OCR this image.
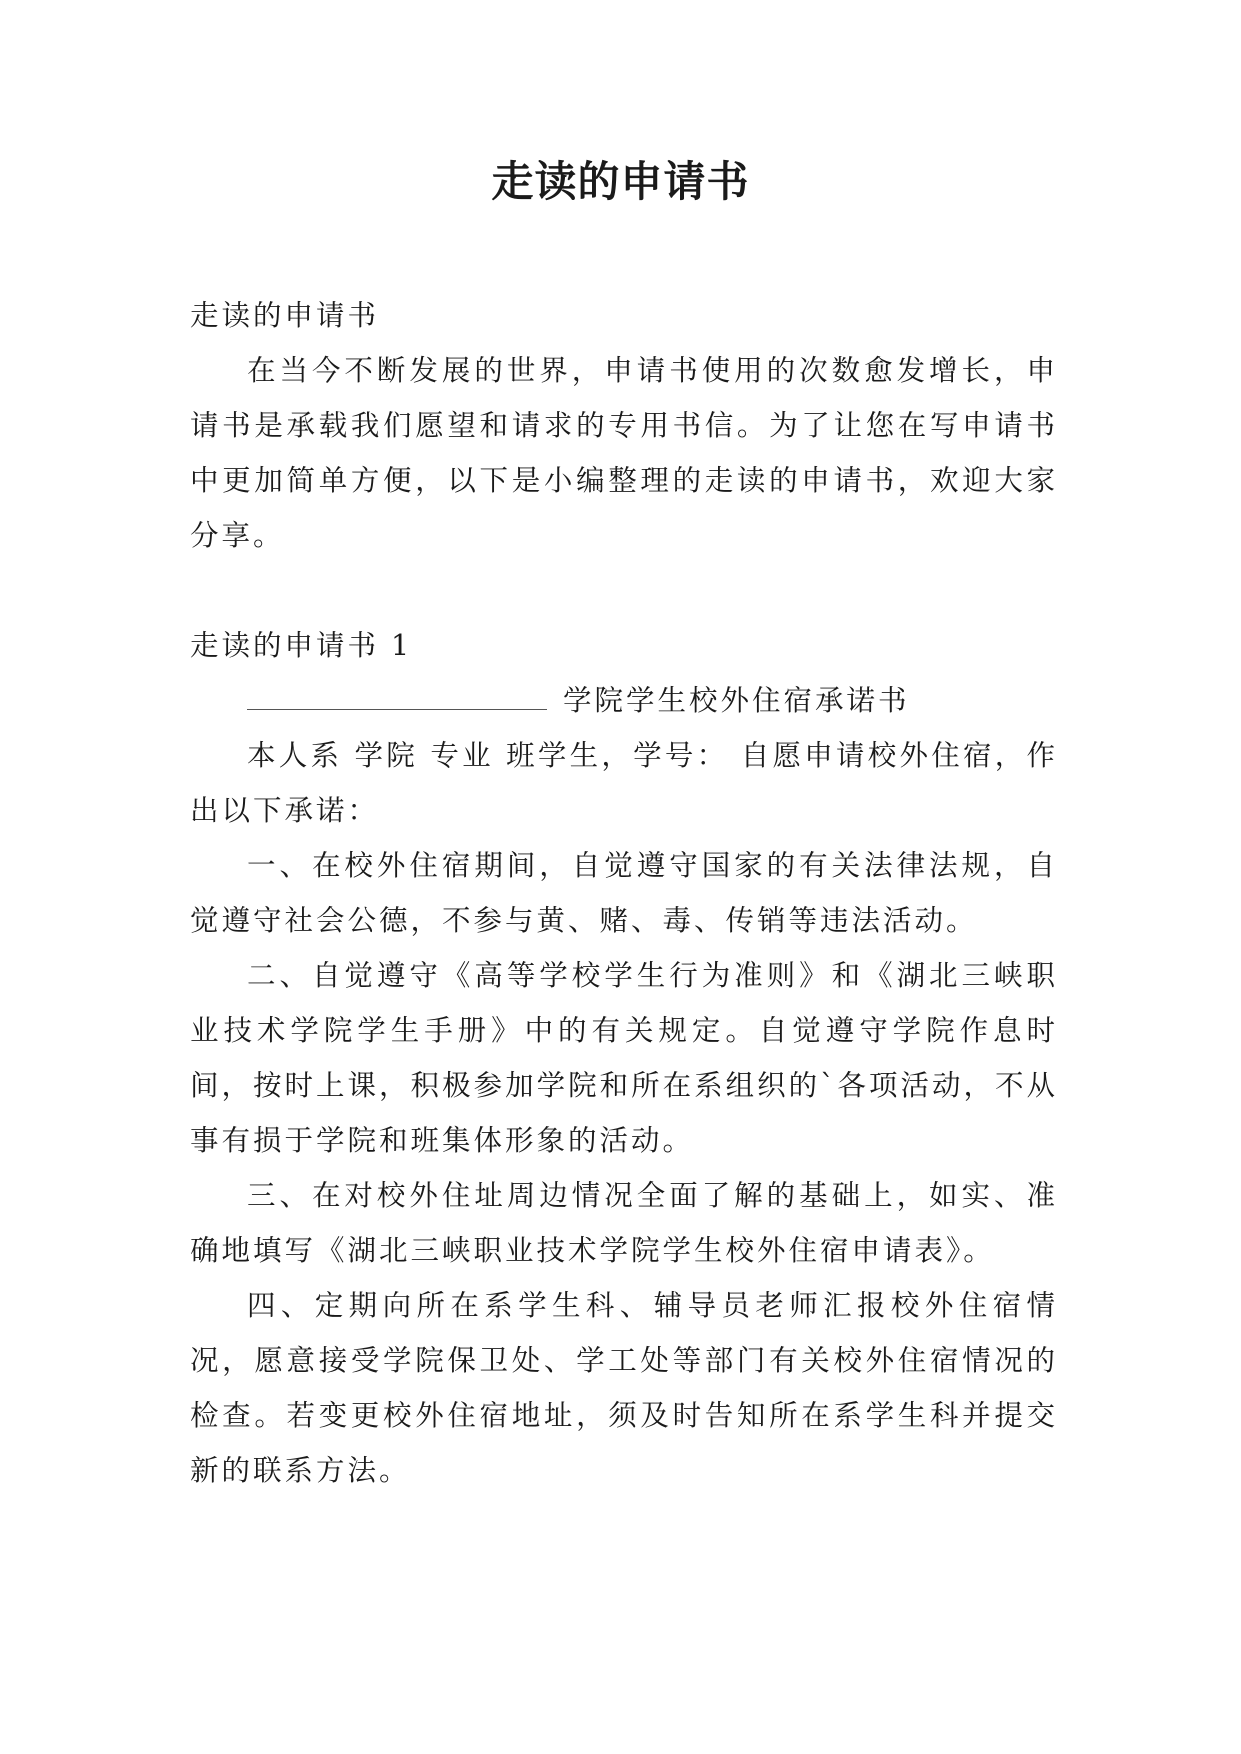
走读的申请书

走读的申请书

在当今不断发展的世界，申请书使用的次数愈发增长，申请书是承载我们愿望和请求的专用书信。为了让您在写申请书中更加简单方便，以下是小编整理的走读的申请书，欢迎大家分享。

走读的申请书 1

学院学生校外住宿承诺书

本人系 学院 专业 班学生，学号： 自愿申请校外住宿，作出以下承诺：

一、在校外住宿期间，自觉遵守国家的有关法律法规，自觉遵守社会公德，不参与黄、赌、毒、传销等违法活动。

二、自觉遵守《高等学校学生行为准则》和《湖北三峡职业技术学院学生手册》中的有关规定。自觉遵守学院作息时间，按时上课，积极参加学院和所在系组织的`各项活动，不从事有损于学院和班集体形象的活动。

三、在对校外住址周边情况全面了解的基础上，如实、准确地填写《湖北三峡职业技术学院学生校外住宿申请表》。

四、定期向所在系学生科、辅导员老师汇报校外住宿情况，愿意接受学院保卫处、学工处等部门有关校外住宿情况的检查。若变更校外住宿地址，须及时告知所在系学生科并提交新的联系方法。
